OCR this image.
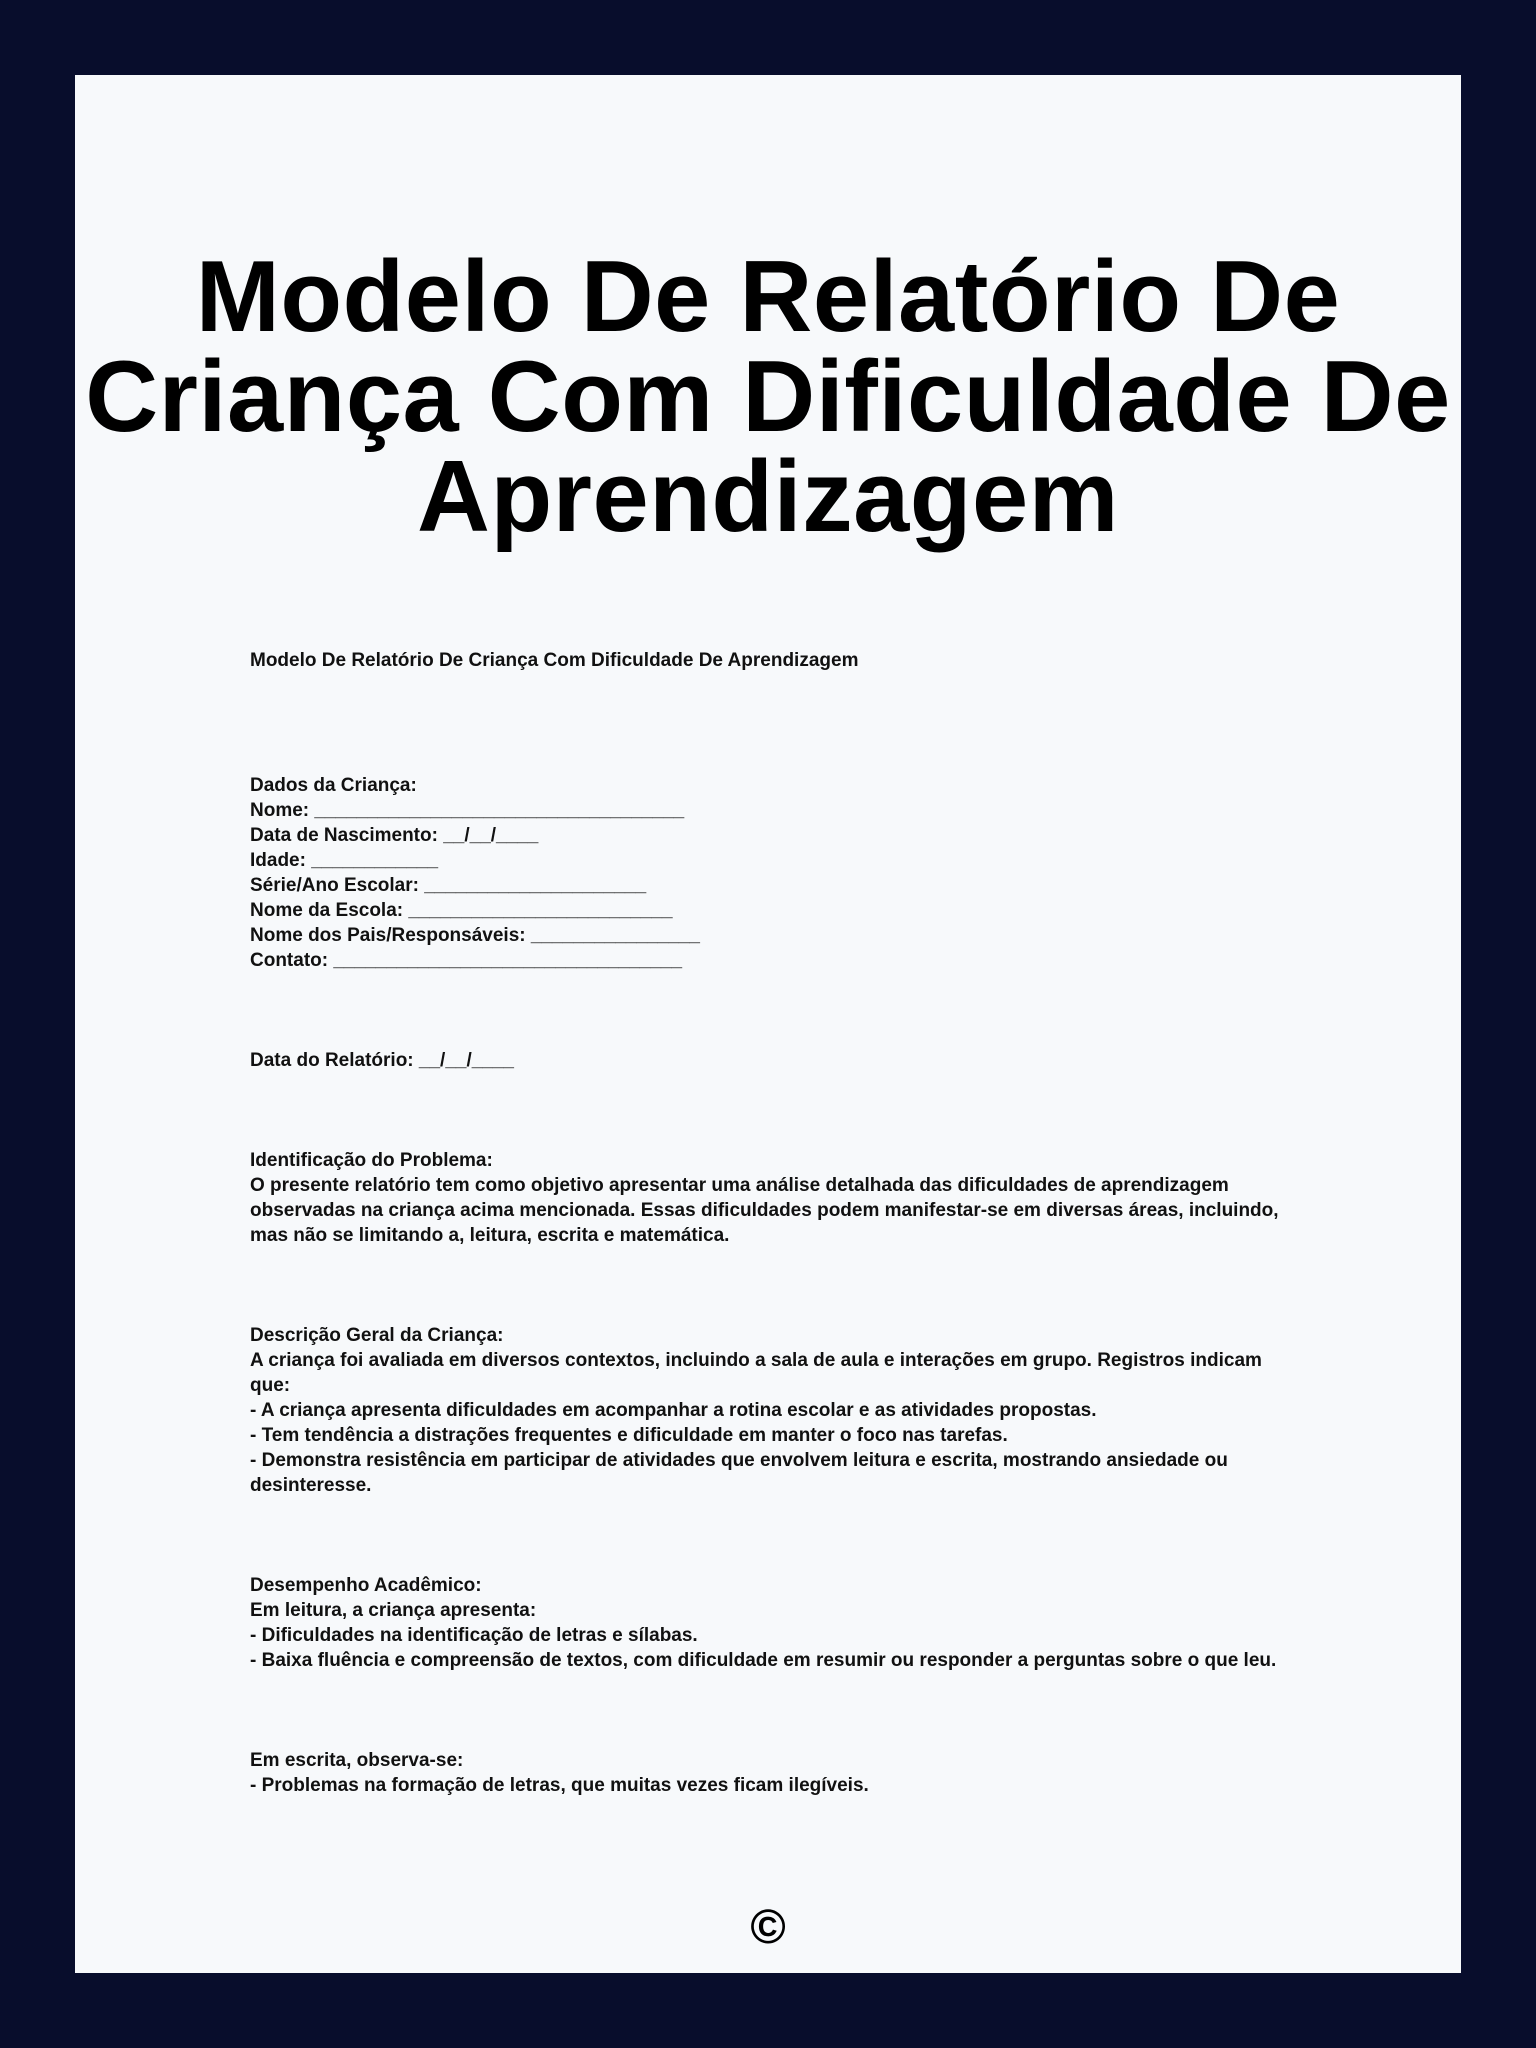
Modelo De Relatório De Criança Com Dificuldade De Aprendizagem

Modelo De Relatório De Criança Com Dificuldade De Aprendizagem

Dados da Criança:
Nome: ___________________________________
Data de Nascimento: __/__/____
Idade: ____________
Série/Ano Escolar: _____________________
Nome da Escola: _________________________
Nome dos Pais/Responsáveis: ________________
Contato: _________________________________
Data do Relatório: __/__/____
Identificação do Problema:
O presente relatório tem como objetivo apresentar uma análise detalhada das dificuldades de aprendizagem observadas na criança acima mencionada. Essas dificuldades podem manifestar-se em diversas áreas, incluindo, mas não se limitando a, leitura, escrita e matemática.
Descrição Geral da Criança:
A criança foi avaliada em diversos contextos, incluindo a sala de aula e interações em grupo. Registros indicam que:
- A criança apresenta dificuldades em acompanhar a rotina escolar e as atividades propostas.
- Tem tendência a distrações frequentes e dificuldade em manter o foco nas tarefas.
- Demonstra resistência em participar de atividades que envolvem leitura e escrita, mostrando ansiedade ou desinteresse.
Desempenho Acadêmico:
Em leitura, a criança apresenta:
- Dificuldades na identificação de letras e sílabas.
- Baixa fluência e compreensão de textos, com dificuldade em resumir ou responder a perguntas sobre o que leu.
Em escrita, observa-se:
- Problemas na formação de letras, que muitas vezes ficam ilegíveis.
©
